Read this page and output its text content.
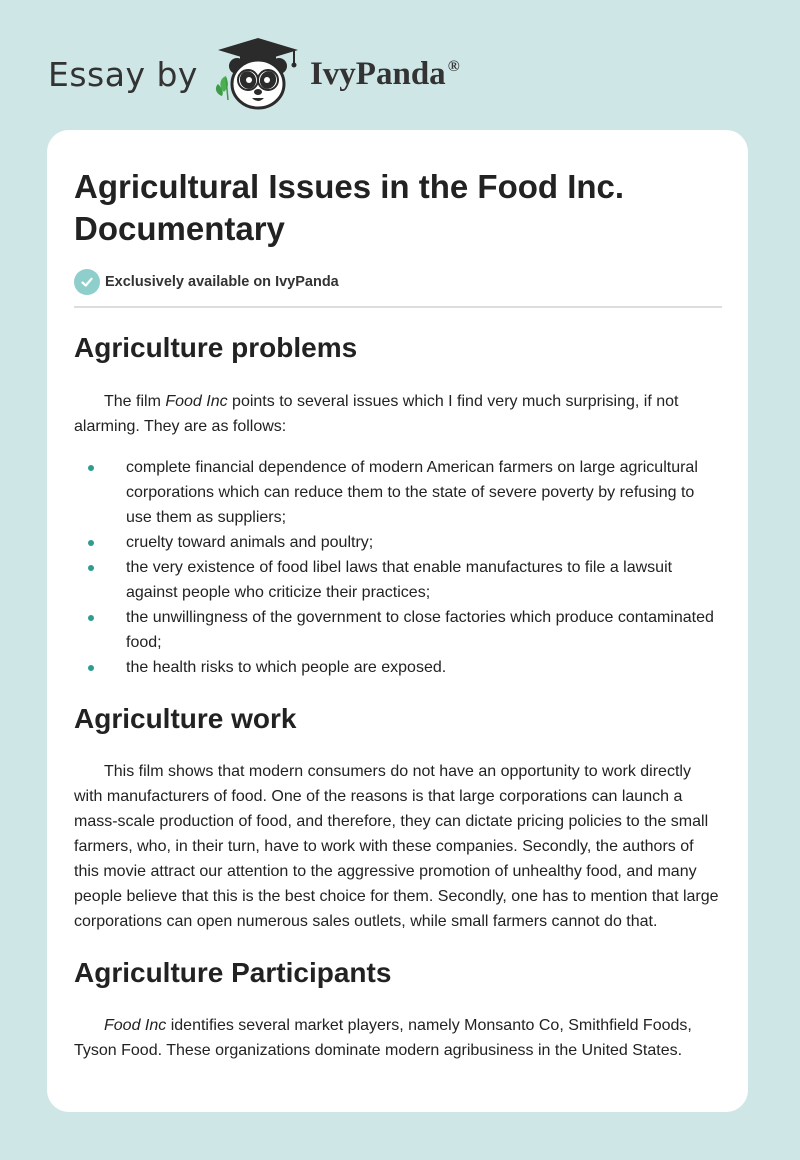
Essay by	IvyPanda ®
Agricultural Issues in the Food Inc.
Documentary
Exclusively available on IvyPanda
Agriculture problems

The film Food Inc points to several issues which I find very much surprising, if not alarming. They are as follows:

complete financial dependence of modern American farmers on large agricultural corporations which can reduce them to the state of severe poverty by refusing to use them as suppliers;
cruelty toward animals and poultry;
the very existence of food libel laws that enable manufactures to file a lawsuit against people who criticize their practices;
the unwillingness of the government to close factories which produce contaminated food;
the health risks to which people are exposed.
Agriculture work

This film shows that modern consumers do not have an opportunity to work directly with manufacturers of food. One of the reasons is that large corporations can launch a mass-scale production of food, and therefore, they can dictate pricing policies to the small farmers, who, in their turn, have to work with these companies. Secondly, the authors of this movie attract our attention to the aggressive promotion of unhealthy food, and many people believe that this is the best choice for them. Secondly, one has to mention that large corporations can open numerous sales outlets, while small farmers cannot do that.

Agriculture Participants

Food Inc identifies several market players, namely Monsanto Co, Smithfield Foods, Tyson Food. These organizations dominate modern agribusiness in the United States.
